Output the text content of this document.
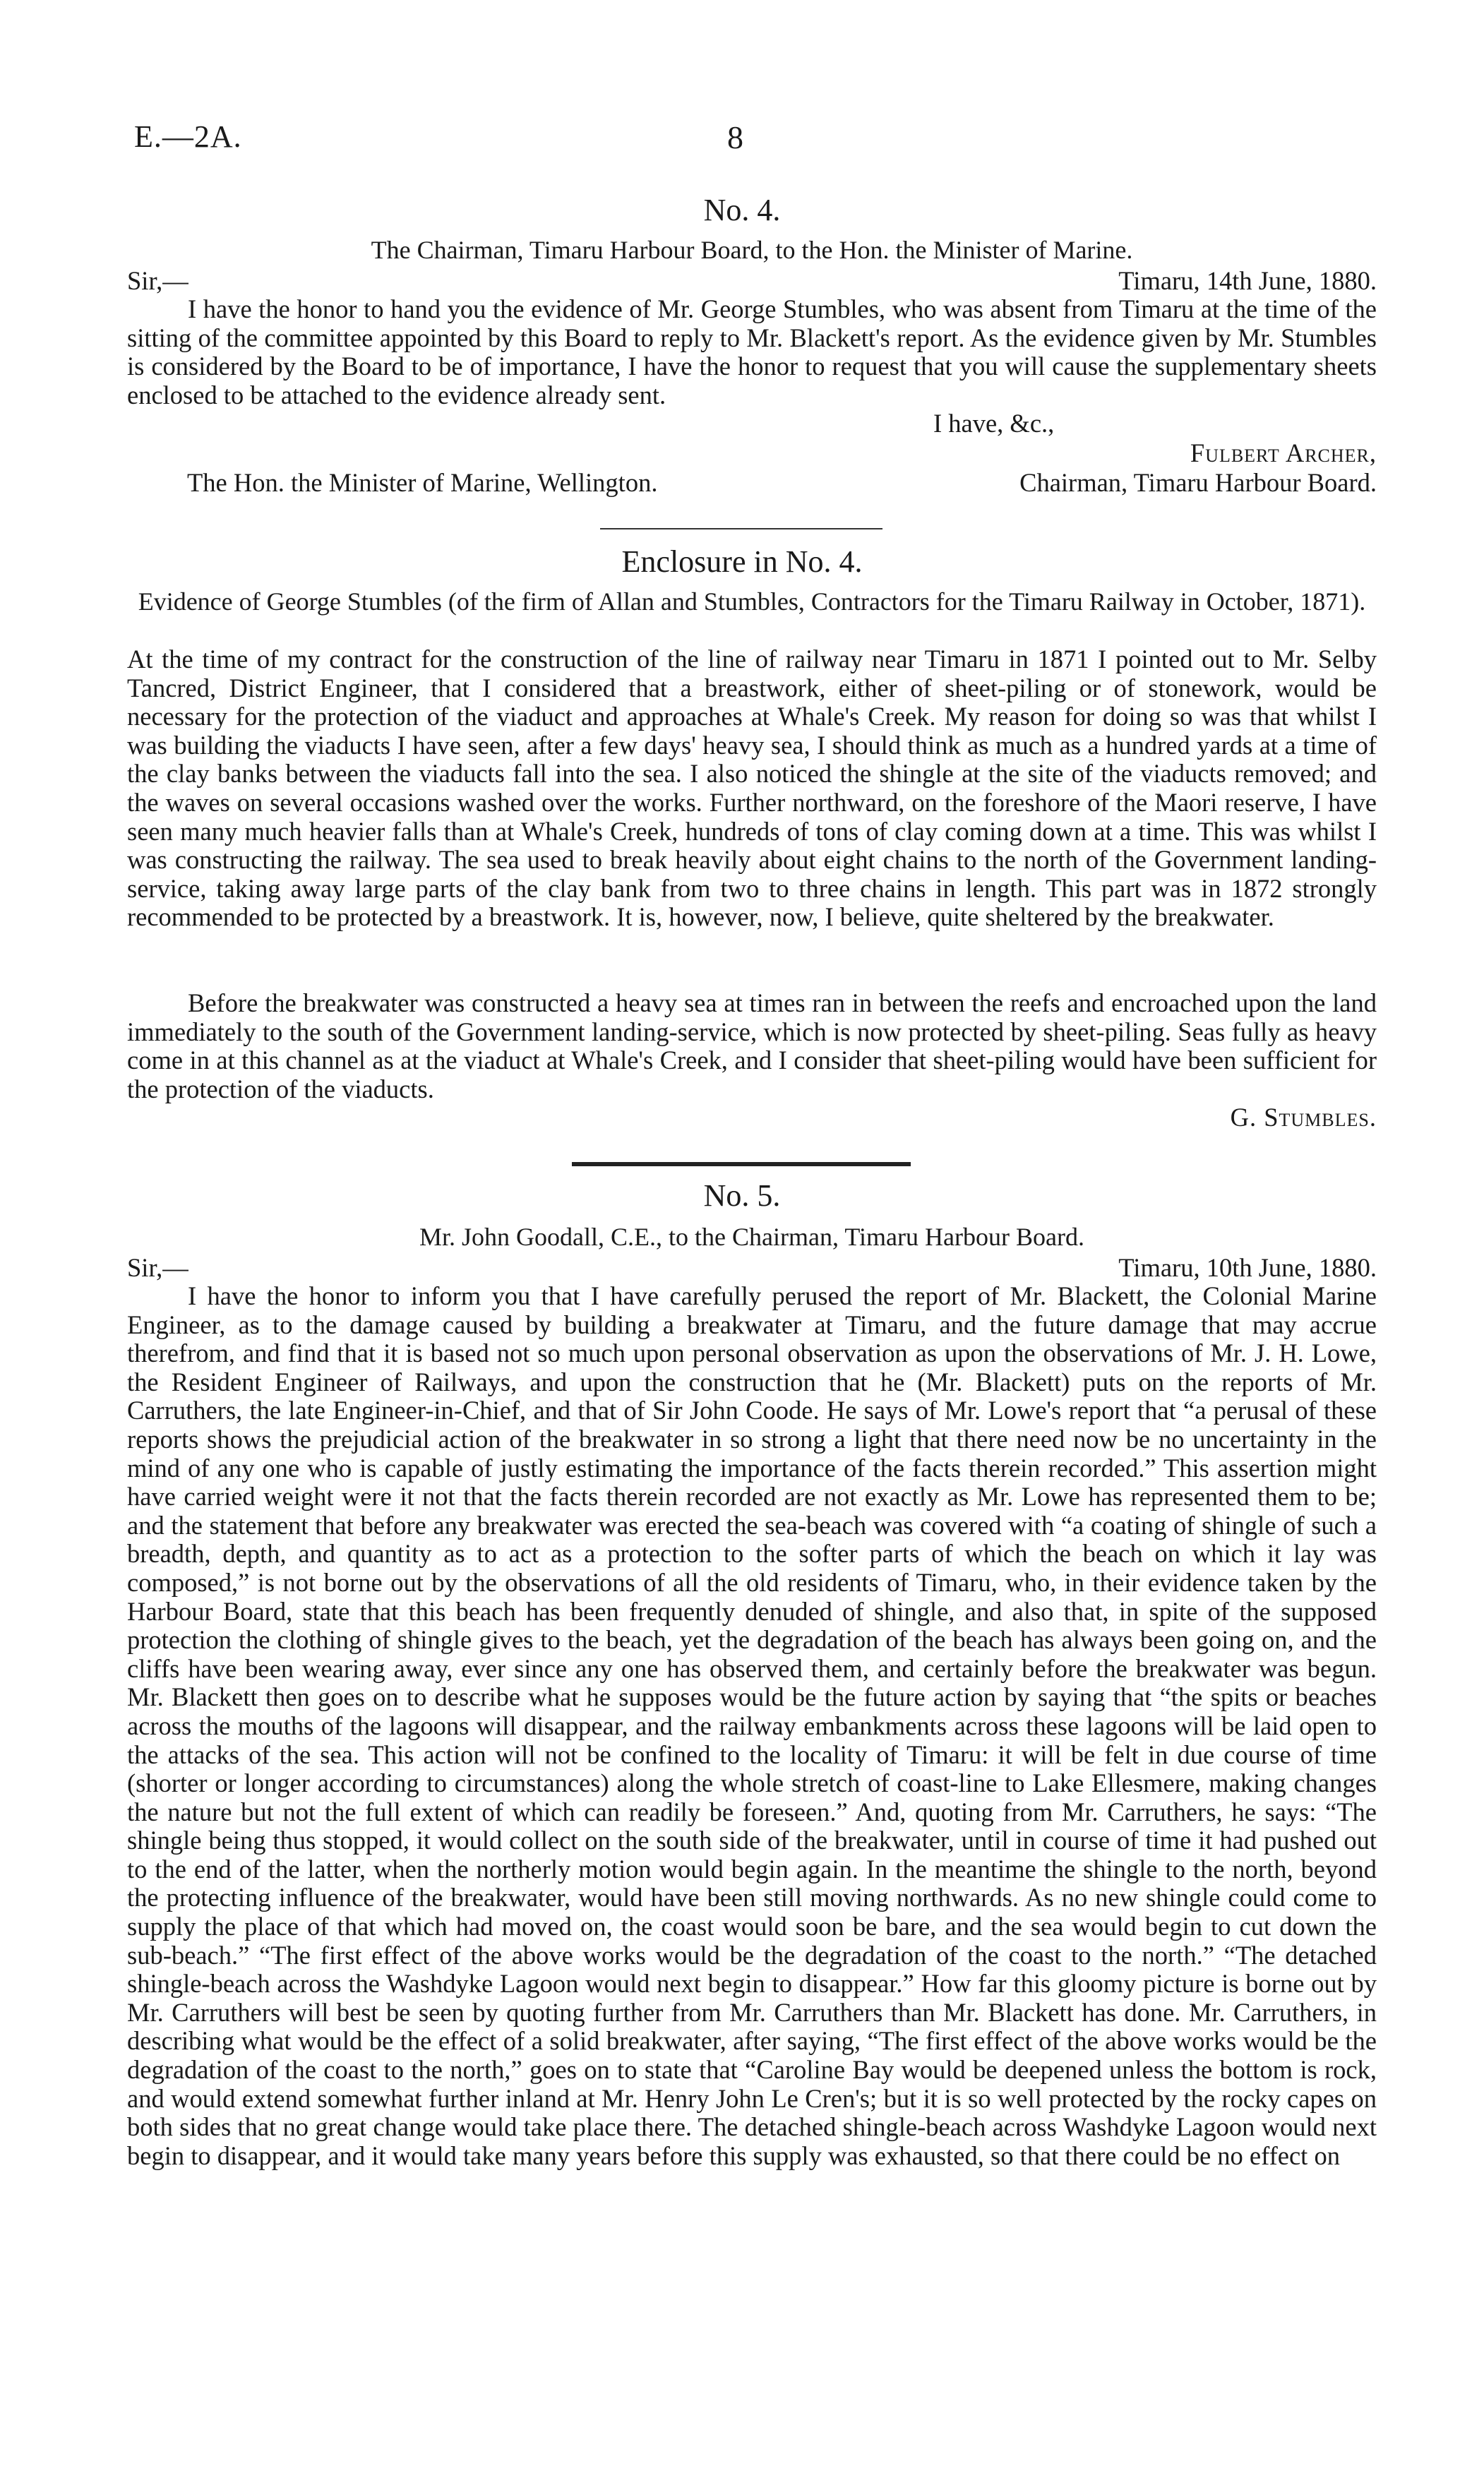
E.—2A.	8
No. 4.
The Chairman, Timaru Harbour Board, to the Hon. the Minister of Marine.
Sir,—	Timaru, 14th June, 1880.

I have the honor to hand you the evidence of Mr. George Stumbles, who was absent from Timaru at the time of the sitting of the committee appointed by this Board to reply to Mr. Blackett's report. As the evidence given by Mr. Stumbles is considered by the Board to be of importance, I have the honor to request that you will cause the supplementary sheets enclosed to be attached to the evidence already sent.

I have, &c.,
Fulbert Archer,
The Hon. the Minister of Marine, Wellington.	Chairman, Timaru Harbour Board.
Enclosure in No. 4.
Evidence of George Stumbles (of the firm of Allan and Stumbles, Contractors for the Timaru Railway in October, 1871).

At the time of my contract for the construction of the line of railway near Timaru in 1871 I pointed out to Mr. Selby Tancred, District Engineer, that I considered that a breastwork, either of sheet-piling or of stonework, would be necessary for the protection of the viaduct and approaches at Whale's Creek. My reason for doing so was that whilst I was building the viaducts I have seen, after a few days' heavy sea, I should think as much as a hundred yards at a time of the clay banks between the viaducts fall into the sea. I also noticed the shingle at the site of the viaducts removed; and the waves on several occasions washed over the works. Further northward, on the foreshore of the Maori reserve, I have seen many much heavier falls than at Whale's Creek, hundreds of tons of clay coming down at a time. This was whilst I was constructing the railway. The sea used to break heavily about eight chains to the north of the Government landing-service, taking away large parts of the clay bank from two to three chains in length. This part was in 1872 strongly recommended to be protected by a breastwork. It is, however, now, I believe, quite sheltered by the breakwater.

Before the breakwater was constructed a heavy sea at times ran in between the reefs and encroached upon the land immediately to the south of the Government landing-service, which is now protected by sheet-piling. Seas fully as heavy come in at this channel as at the viaduct at Whale's Creek, and I consider that sheet-piling would have been sufficient for the protection of the viaducts.

G. Stumbles.
No. 5.
Mr. John Goodall, C.E., to the Chairman, Timaru Harbour Board.
Sir,—	Timaru, 10th June, 1880.

I have the honor to inform you that I have carefully perused the report of Mr. Blackett, the Colonial Marine Engineer, as to the damage caused by building a breakwater at Timaru, and the future damage that may accrue therefrom, and find that it is based not so much upon personal observation as upon the observations of Mr. J. H. Lowe, the Resident Engineer of Railways, and upon the construction that he (Mr. Blackett) puts on the reports of Mr. Carruthers, the late Engineer-in-Chief, and that of Sir John Coode. He says of Mr. Lowe's report that “a perusal of these reports shows the prejudicial action of the breakwater in so strong a light that there need now be no uncertainty in the mind of any one who is capable of justly estimating the importance of the facts therein recorded.” This assertion might have carried weight were it not that the facts therein recorded are not exactly as Mr. Lowe has represented them to be; and the statement that before any breakwater was erected the sea-beach was covered with “a coating of shingle of such a breadth, depth, and quantity as to act as a protection to the softer parts of which the beach on which it lay was composed,” is not borne out by the observations of all the old residents of Timaru, who, in their evidence taken by the Harbour Board, state that this beach has been frequently denuded of shingle, and also that, in spite of the supposed protection the clothing of shingle gives to the beach, yet the degradation of the beach has always been going on, and the cliffs have been wearing away, ever since any one has observed them, and certainly before the breakwater was begun. Mr. Blackett then goes on to describe what he supposes would be the future action by saying that “the spits or beaches across the mouths of the lagoons will disappear, and the railway embankments across these lagoons will be laid open to the attacks of the sea. This action will not be confined to the locality of Timaru: it will be felt in due course of time (shorter or longer according to circumstances) along the whole stretch of coast-line to Lake Ellesmere, making changes the nature but not the full extent of which can readily be foreseen.” And, quoting from Mr. Carruthers, he says: “The shingle being thus stopped, it would collect on the south side of the breakwater, until in course of time it had pushed out to the end of the latter, when the northerly motion would begin again. In the meantime the shingle to the north, beyond the protecting influence of the breakwater, would have been still moving northwards. As no new shingle could come to supply the place of that which had moved on, the coast would soon be bare, and the sea would begin to cut down the sub-beach.” “The first effect of the above works would be the degradation of the coast to the north.” “The detached shingle-beach across the Washdyke Lagoon would next begin to disappear.” How far this gloomy picture is borne out by Mr. Carruthers will best be seen by quoting further from Mr. Carruthers than Mr. Blackett has done. Mr. Carruthers, in describing what would be the effect of a solid breakwater, after saying, “The first effect of the above works would be the degradation of the coast to the north,” goes on to state that “Caroline Bay would be deepened unless the bottom is rock, and would extend somewhat further inland at Mr. Henry John Le Cren's; but it is so well protected by the rocky capes on both sides that no great change would take place there. The detached shingle-beach across Washdyke Lagoon would next begin to disappear, and it would take many years before this supply was exhausted, so that there could be no effect on
